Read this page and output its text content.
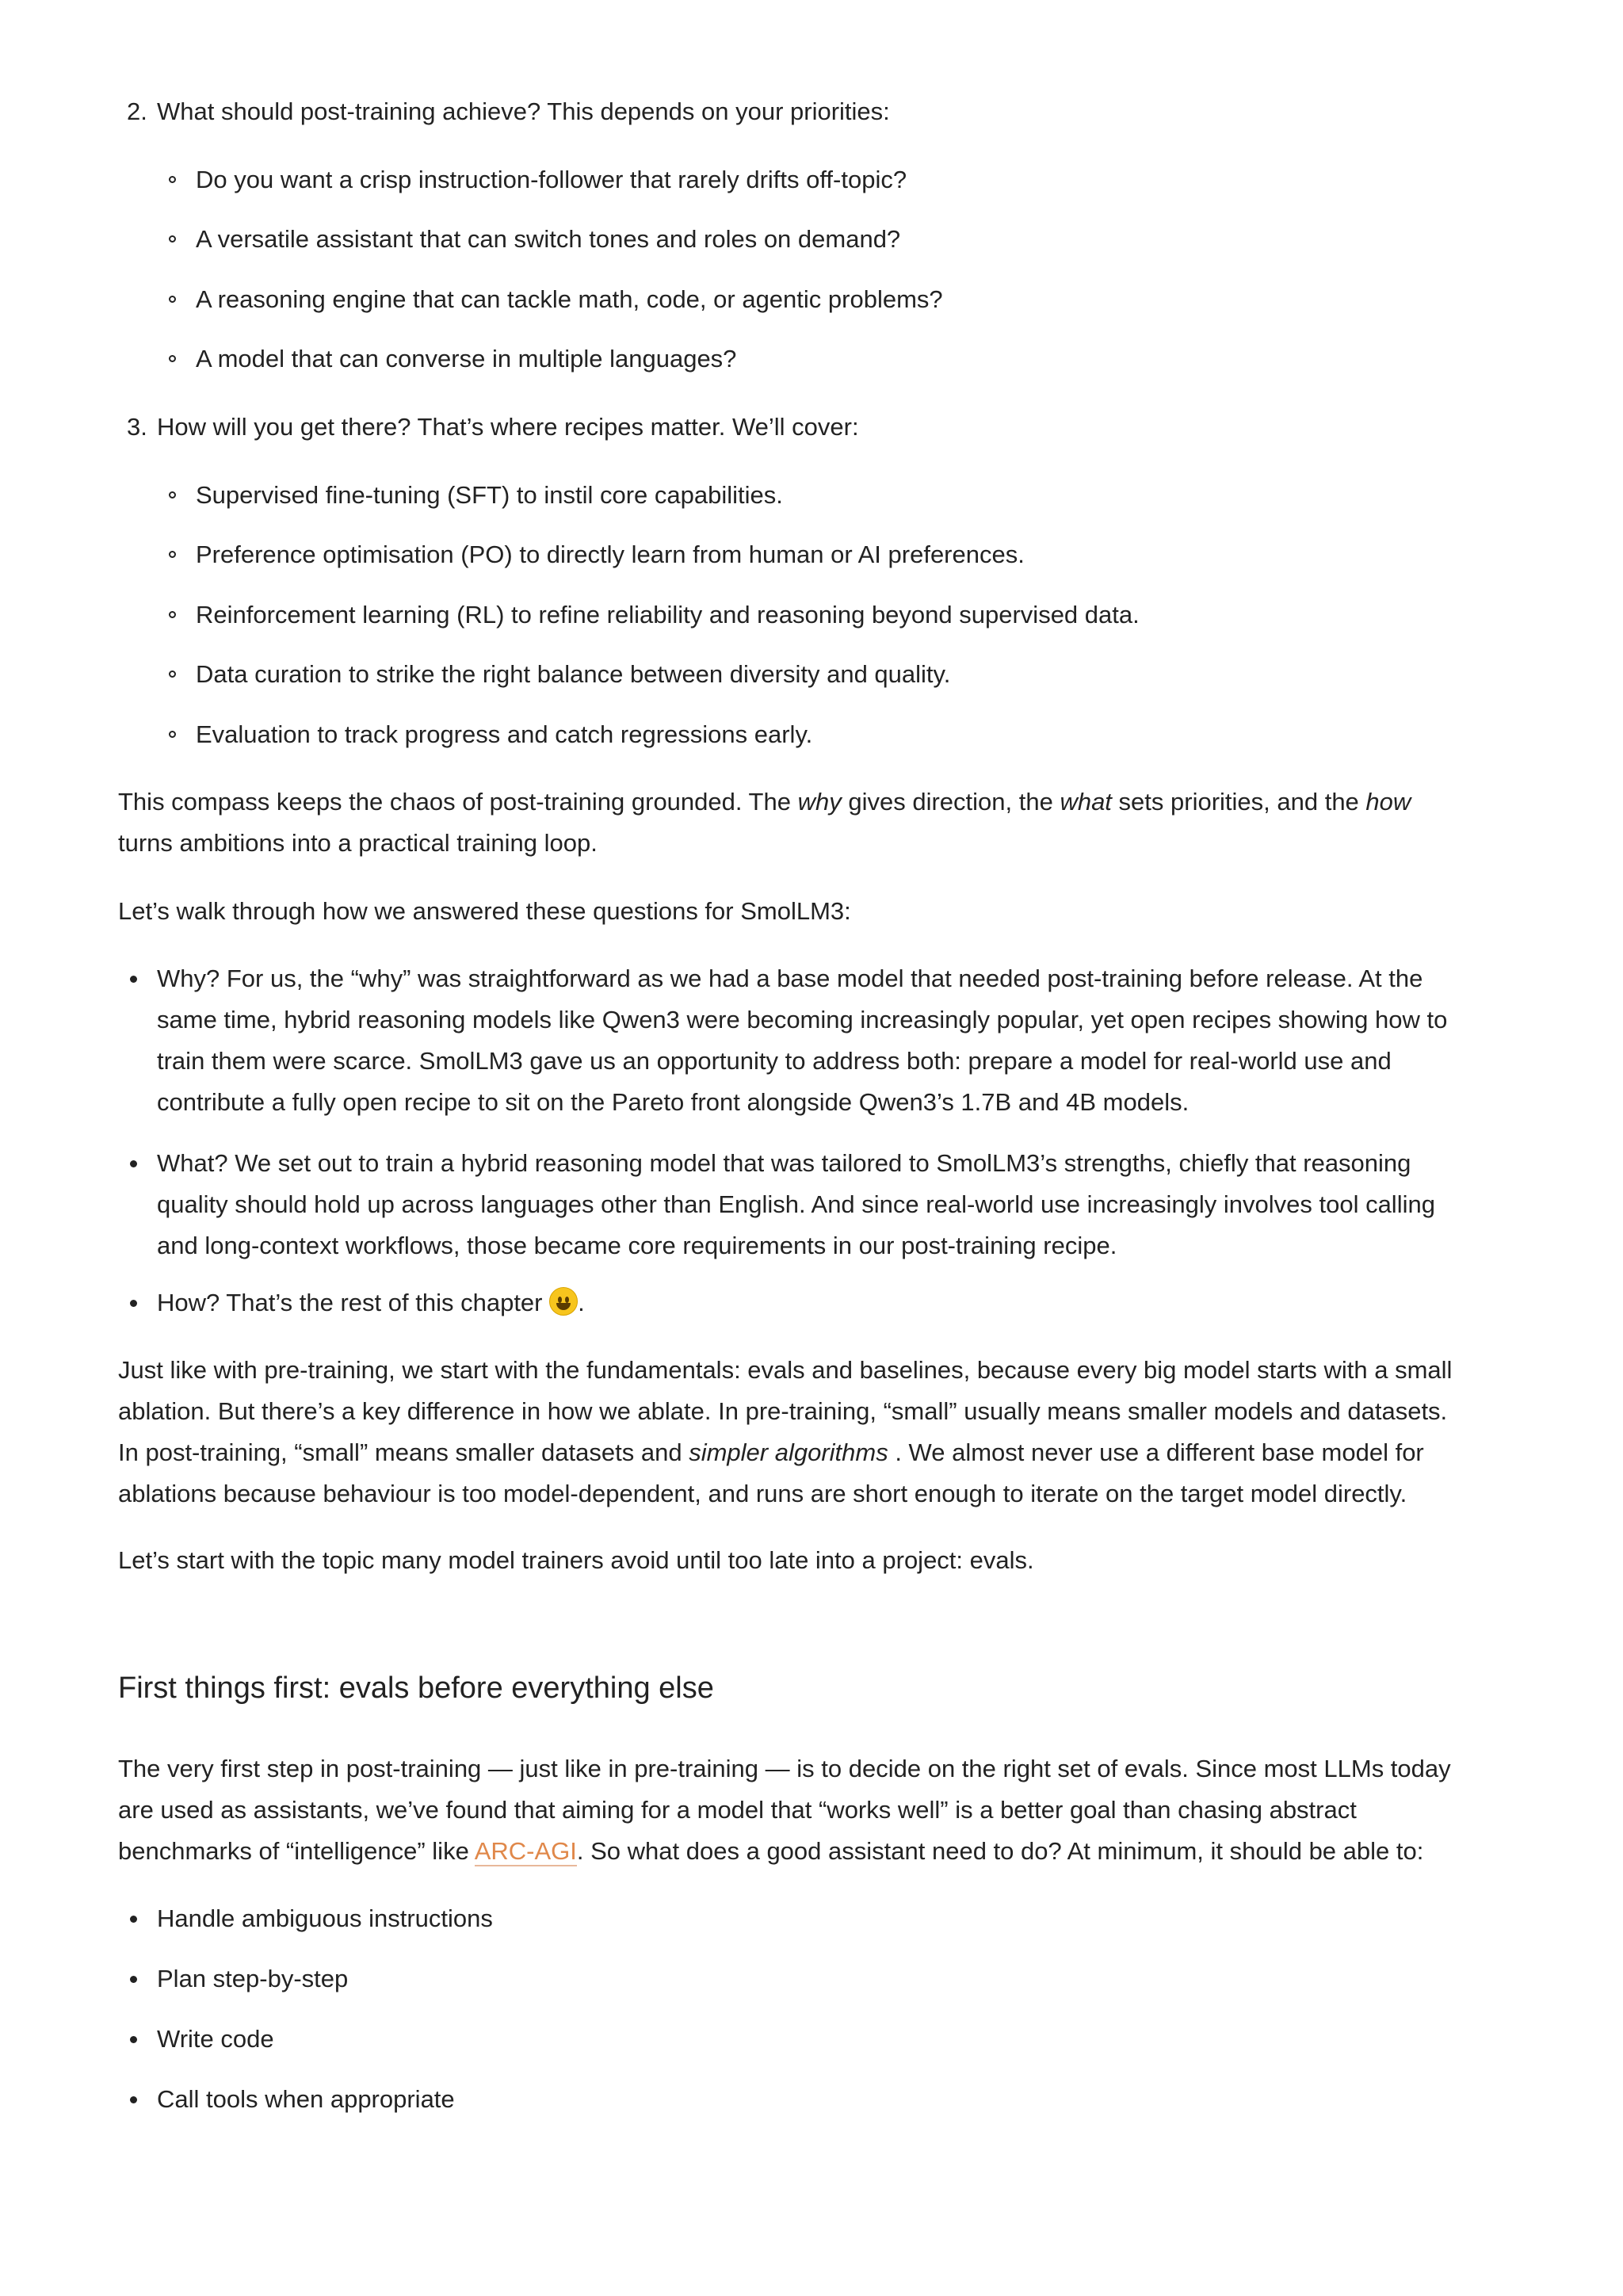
2. What should post-training achieve? This depends on your priorities:

Do you want a crisp instruction-follower that rarely drifts off-topic?

A versatile assistant that can switch tones and roles on demand?

A reasoning engine that can tackle math, code, or agentic problems?

A model that can converse in multiple languages?

3. How will you get there? That’s where recipes matter. We’ll cover:

Supervised fine-tuning (SFT) to instil core capabilities.

Preference optimisation (PO) to directly learn from human or AI preferences.

Reinforcement learning (RL) to refine reliability and reasoning beyond supervised data.

Data curation to strike the right balance between diversity and quality.

Evaluation to track progress and catch regressions early.

This compass keeps the chaos of post-training grounded. The why gives direction, the what sets priorities, and the how

turns ambitions into a practical training loop.

Let’s walk through how we answered these questions for SmolLM3:

Why? For us, the “why” was straightforward as we had a base model that needed post-training before release. At the

same time, hybrid reasoning models like Qwen3 were becoming increasingly popular, yet open recipes showing how to

train them were scarce. SmolLM3 gave us an opportunity to address both: prepare a model for real-world use and

contribute a fully open recipe to sit on the Pareto front alongside Qwen3’s 1.7B and 4B models.

What? We set out to train a hybrid reasoning model that was tailored to SmolLM3’s strengths, chiefly that reasoning

quality should hold up across languages other than English. And since real-world use increasingly involves tool calling

and long-context workflows, those became core requirements in our post-training recipe.

How? That’s the rest of this chapter
.

Just like with pre-training, we start with the fundamentals: evals and baselines, because every big model starts with a small

ablation. But there’s a key difference in how we ablate. In pre-training, “small” usually means smaller models and datasets.

In post-training, “small” means smaller datasets and simpler algorithms . We almost never use a different base model for

ablations because behaviour is too model-dependent, and runs are short enough to iterate on the target model directly.

Let’s start with the topic many model trainers avoid until too late into a project: evals.

First things first: evals before everything else

The very first step in post-training — just like in pre-training — is to decide on the right set of evals. Since most LLMs today

are used as assistants, we’ve found that aiming for a model that “works well” is a better goal than chasing abstract

benchmarks of “intelligence” like ARC-AGI. So what does a good assistant need to do? At minimum, it should be able to:

Handle ambiguous instructions

Plan step-by-step

Write code

Call tools when appropriate
